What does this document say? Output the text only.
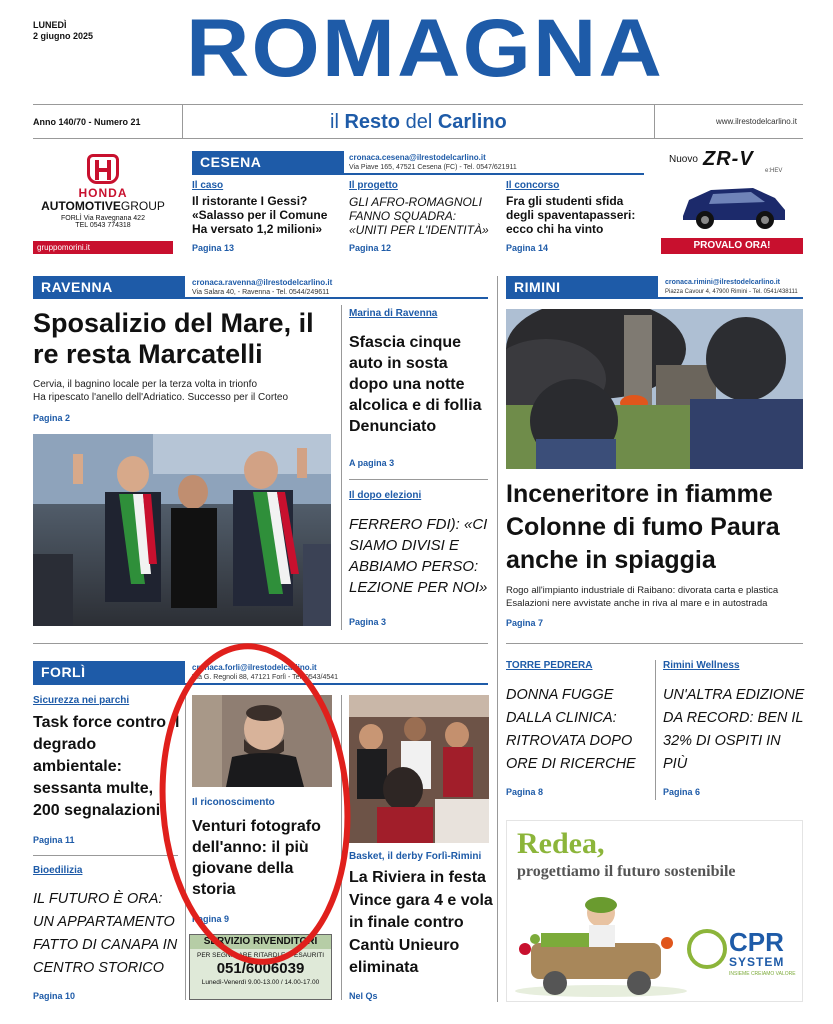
LUNEDÌ
2 giugno 2025 ROMAGNA
Anno 140/70 - Numero 21	il Resto del Carlino	www.ilrestodelcarlino.it
HONDA
AUTOMOTIVEGROUP
FORLÌ Via Ravegnana 422
TEL 0543 774318
gruppomorini.it
CESENA	cronaca.cesena@ilrestodelcarlino.it
Via Piave 165, 47521 Cesena (FC) - Tel. 0547/621911
Il caso
Il ristorante I Gessi? «Salasso per il Comune Ha versato 1,2 milioni»
Pagina 13
Il progetto
GLI AFRO-ROMAGNOLI FANNO SQUADRA: «UNITI PER L'IDENTITÀ»
Pagina 12
Il concorso
Fra gli studenti sfida degli spaventapasseri: ecco chi ha vinto
Pagina 14
Nuovo ZR-V
e:HEV
PROVALO ORA!
RAVENNA	cronaca.ravenna@ilrestodelcarlino.it
Via Salara 40, - Ravenna - Tel. 0544/249611
Sposalizio del Mare, il re resta Marcatelli
Cervia, il bagnino locale per la terza volta in trionfo
Ha ripescato l'anello dell'Adriatico. Successo per il Corteo
Pagina 2
Marina di Ravenna
Sfascia cinque auto in sosta dopo una notte alcolica e di follia Denunciato
A pagina 3
Il dopo elezioni
FERRERO FDI): «CI SIAMO DIVISI E ABBIAMO PERSO: LEZIONE PER NOI»
Pagina 3
RIMINI	cronaca.rimini@ilrestodelcarlino.it
Piazza Cavour 4, 47900 Rimini - Tel. 0541/438111
Inceneritore in fiamme Colonne di fumo Paura anche in spiaggia
Rogo all'impianto industriale di Raibano: divorata carta e plastica
Esalazioni nere avvistate anche in riva al mare e in autostrada
Pagina 7
TORRE PEDRERA
DONNA FUGGE DALLA CLINICA: RITROVATA DOPO ORE DI RICERCHE
Pagina 8
Rimini Wellness
UN'ALTRA EDIZIONE DA RECORD: BEN IL 32% DI OSPITI IN PIÙ
Pagina 6
Redea,
progettiamo il futuro sostenibile
CPR
SYSTEM
INSIEME CREIAMO VALORE
FORLÌ	cronaca.forli@ilrestodelcarlino.it
Via G. Regnoli 88, 47121 Forlì - Tel. 0543/4541
Sicurezza nei parchi
Task force contro il degrado ambientale: sessanta multe, 200 segnalazioni
Pagina 11
Bioedilizia
IL FUTURO È ORA: UN APPARTAMENTO FATTO DI CANAPA IN CENTRO STORICO
Pagina 10
Il riconoscimento
Venturi fotografo dell'anno: il più giovane della storia
Pagina 9
SERVIZIO RIVENDITORI
PER SEGNALARE RITARDI E/O ESAURITI
051/6006039
Lunedì-Venerdì 9.00-13.00 / 14.00-17.00
Basket, il derby Forlì-Rimini
La Riviera in festa Vince gara 4 e vola in finale contro Cantù Unieuro eliminata
Nel Qs
